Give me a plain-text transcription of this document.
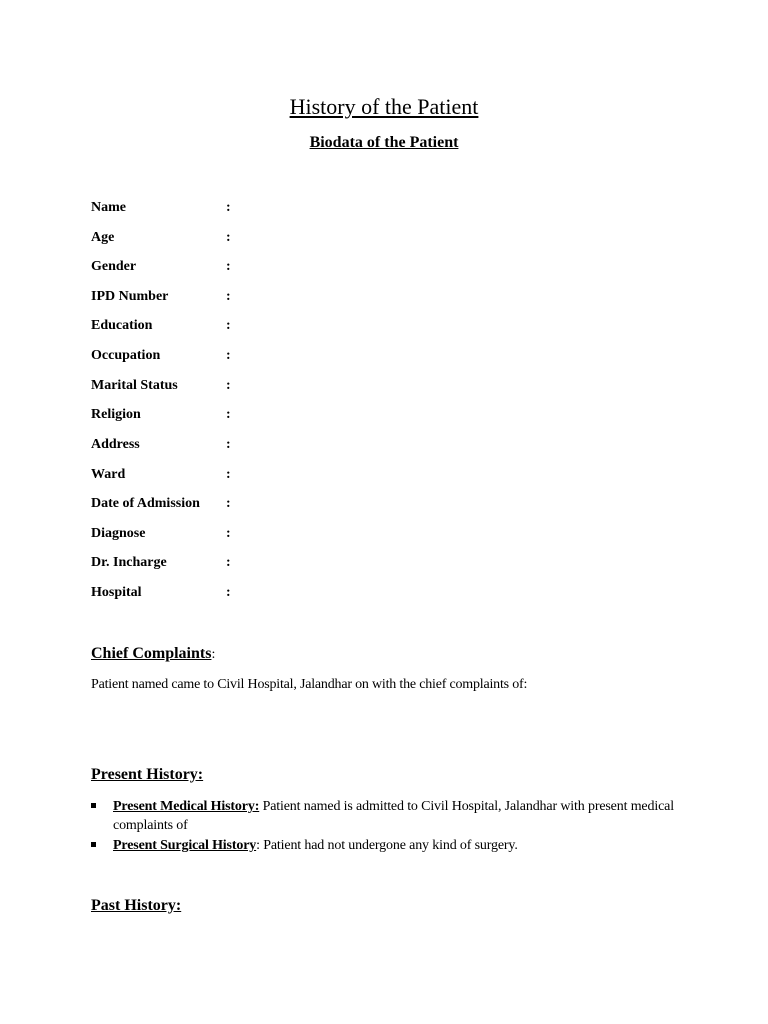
History of the Patient
Biodata of the Patient
Name	:
Age	:
Gender	:
IPD Number	:
Education	:
Occupation	:
Marital Status	:
Religion	:
Address	:
Ward	:
Date of Admission :
Diagnose	:
Dr. Incharge	:
Hospital	:
Chief Complaints:
Patient named came to Civil Hospital, Jalandhar on with the chief complaints of:
Present History:
Present Medical History: Patient named is admitted to Civil Hospital, Jalandhar with present medical complaints of
Present Surgical History: Patient had not undergone any kind of surgery.
Past History:
